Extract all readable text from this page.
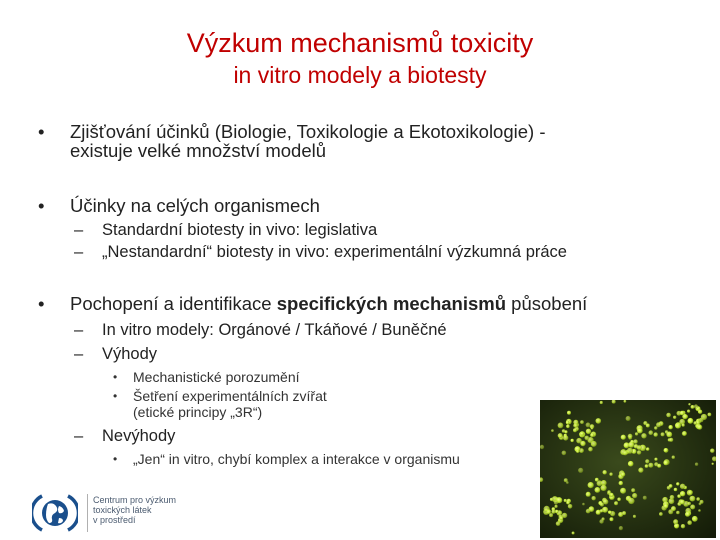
Výzkum mechanismů toxicity
in vitro modely a biotesty
• Zjišťování účinků (Biologie, Toxikologie a Ekotoxikologie) -
existuje velké množství modelů
• Účinky na celých organismech
– Standardní biotesty in vivo: legislativa
– „Nestandardní“ biotesty in vivo: experimentální výzkumná práce
• Pochopení a identifikace specifických mechanismů působení
– In vitro modely: Orgánové / Tkáňové / Buněčné
– Výhody
• Mechanistické porozumění
• Šetření experimentálních zvířat
(etické principy „3R“)
– Nevýhody
• „Jen“ in vitro, chybí komplex a interakce v organismu
Centrum pro výzkum
toxických látek
v prostředí
